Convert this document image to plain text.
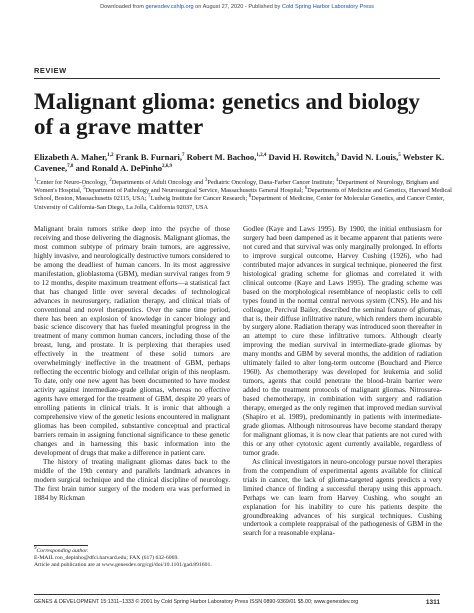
Downloaded from genesdev.cshlp.org on August 27, 2020 - Published by Cold Spring Harbor Laboratory Press
REVIEW
Malignant glioma: genetics and biology
of a grave matter
Elizabeth A. Maher,$^{1,2}$ Frank B. Furnari,$^7$ Robert M. Bachoo,$^{1,2,4}$ David H. Rowitch,$^3$ David N. Louis,$^5$ Webster K. Cavenee,$^{7,8}$ and Ronald A. DePinho$^{2,6,9}$
$^1$Center for Neuro-Oncology, $^2$Departments of Adult Oncology and $^3$Pediatric Oncology, Dana-Farber Cancer Institute; $^4$Department of Neurology, Brigham and Women's Hospital, $^5$Department of Pathology and Neurosurgical Service, Massachusetts General Hospital; $^6$Departments of Medicine and Genetics, Harvard Medical School, Boston, Massachusetts 02115, USA; $^7$Ludwig Institute for Cancer Research; $^8$Department of Medicine, Center for Molecular Genetics, and Cancer Center, University of California-San Diego, La Jolla, California 92037, USA

Malignant brain tumors strike deep into the psyche of those receiving and those delivering the diagnosis. Malignant gliomas, the most common subtype of primary brain tumors, are aggressive, highly invasive, and neurologically destructive tumors considered to be among the deadliest of human cancers. In its most aggressive manifestation, glioblastoma (GBM), median survival ranges from 9 to 12 months, despite maximum treatment efforts—a statistical fact that has changed little over several decades of technological advances in neurosurgery, radiation therapy, and clinical trials of conventional and novel therapeutics. Over the same time period, there has been an explosion of knowledge in cancer biology and basic science discovery that has fueled meaningful progress in the treatment of many common human cancers, including those of the breast, lung, and prostate. It is perplexing that therapies used effectively in the treatment of these solid tumors are overwhelmingly ineffective in the treatment of GBM, perhaps reflecting the eccentric biology and cellular origin of this neoplasm. To date, only one new agent has been documented to have modest activity against intermediate-grade gliomas, whereas no effective agents have emerged for the treatment of GBM, despite 20 years of enrolling patients in clinical trials. It is ironic that although a comprehensive view of the genetic lesions encountered in malignant gliomas has been compiled, substantive conceptual and practical barriers remain in assigning functional significance to these genetic changes and in harnessing this basic information into the development of drugs that make a difference in patient care.

The history of treating malignant gliomas dates back to the middle of the 19th century and parallels landmark advances in modern surgical technique and the clinical discipline of neurology. The first brain tumor surgery of the modern era was performed in 1884 by Rickman

Godlee (Kaye and Laws 1995). By 1900, the initial enthusiasm for surgery had been dampened as it became apparent that patients were not cured and that survival was only marginally prolonged. In efforts to improve surgical outcome, Harvey Cushing (1926), who had contributed major advances in surgical technique, pioneered the first histological grading scheme for gliomas and correlated it with clinical outcome (Kaye and Laws 1995). The grading scheme was based on the morphological resemblance of neoplastic cells to cell types found in the normal central nervous system (CNS). He and his colleague, Percival Bailey, described the seminal feature of gliomas, that is, their diffuse infiltrative nature, which renders them incurable by surgery alone. Radiation therapy was introduced soon thereafter in an attempt to cure these infiltrative tumors. Although clearly improving the median survival in intermediate-grade gliomas by many months and GBM by several months, the addition of radiation ultimately failed to alter long-term outcome (Bouchard and Pierce 1960). As chemotherapy was developed for leukemia and solid tumors, agents that could penetrate the blood–brain barrier were added to the treatment protocols of malignant gliomas. Nitrosurea-based chemotherapy, in combination with surgery and radiation therapy, emerged as the only regimen that improved median survival (Shapiro et al. 1989), predominantly in patients with intermediate-grade gliomas. Although nitrosoureas have become standard therapy for malignant gliomas, it is now clear that patients are not cured with this or any other cytotoxic agent currently available, regardless of tumor grade.

As clinical investigators in neuro-oncology pursue novel therapies from the compendium of experimental agents available for clinical trials in cancer, the lack of glioma-targeted agents predicts a very limited chance of finding a successful therapy using this approach. Perhaps we can learn from Harvey Cushing, who sought an explanation for his inability to cure his patients despite the groundbreaking advances of his surgical techniques. Cushing undertook a complete reappraisal of the pathogenesis of GBM in the search for a reasonable explana-

$^9$Corresponding author.
E-MAIL ron_depinho@dfci.harvard.edu; FAX (617) 632-6069.
Article and publication are at www.genesdev.org/cgi/doi/10.1101/gad.891601.
GENES & DEVELOPMENT 15:1311–1333 © 2001 by Cold Spring Harbor Laboratory Press ISSN 0890-9369/01 $5.00; www.genesdev.org	1311
